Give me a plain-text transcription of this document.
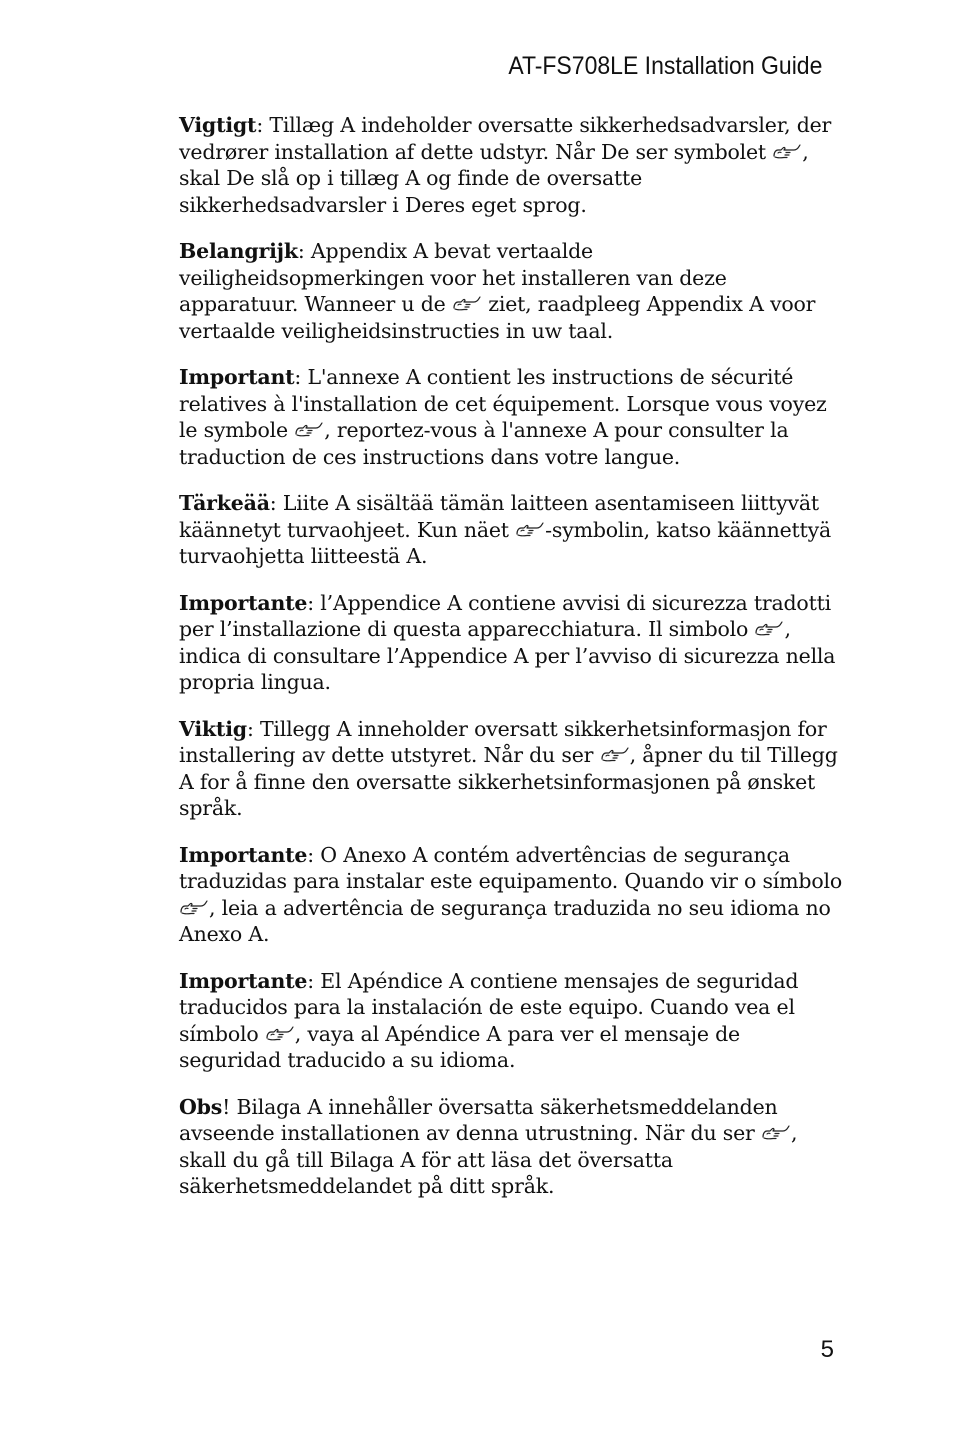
AT-FS708LE Installation Guide

Vigtigt: Tillæg A indeholder oversatte sikkerhedsadvarsler, der vedrører installation af dette udstyr. Når De ser symbolet
, skal De slå op i tillæg A og finde de oversatte sikkerhedsadvarsler i Deres eget sprog.

Belangrijk: Appendix A bevat vertaalde veiligheidsopmerkingen voor het installeren van deze apparatuur. Wanneer u de
ziet, raadpleeg Appendix A voor vertaalde veiligheidsinstructies in uw taal.

Important: L'annexe A contient les instructions de sécurité relatives à l'installation de cet équipement. Lorsque vous voyez le symbole
, reportez-vous à l'annexe A pour consulter la traduction de ces instructions dans votre langue.

Tärkeää: Liite A sisältää tämän laitteen asentamiseen liittyvät käännetyt turvaohjeet. Kun näet
-symbolin, katso käännettyä turvaohjetta liitteestä A.

Importante: l’Appendice A contiene avvisi di sicurezza tradotti per l’installazione di questa apparecchiatura. Il simbolo
, indica di consultare l’Appendice A per l’avviso di sicurezza nella propria lingua.

Viktig: Tillegg A inneholder oversatt sikkerhetsinformasjon for installering av dette utstyret. Når du ser
, åpner du til Tillegg A for å finne den oversatte sikkerhetsinformasjonen på ønsket språk.

Importante: O Anexo A contém advertências de segurança traduzidas para instalar este equipamento. Quando vir o símbolo
, leia a advertência de segurança traduzida no seu idioma no Anexo A.

Importante: El Apéndice A contiene mensajes de seguridad traducidos para la instalación de este equipo. Cuando vea el símbolo
, vaya al Apéndice A para ver el mensaje de seguridad traducido a su idioma.

Obs! Bilaga A innehåller översatta säkerhetsmeddelanden avseende installationen av denna utrustning. När du ser
, skall du gå till Bilaga A för att läsa det översatta säkerhetsmeddelandet på ditt språk.

5
